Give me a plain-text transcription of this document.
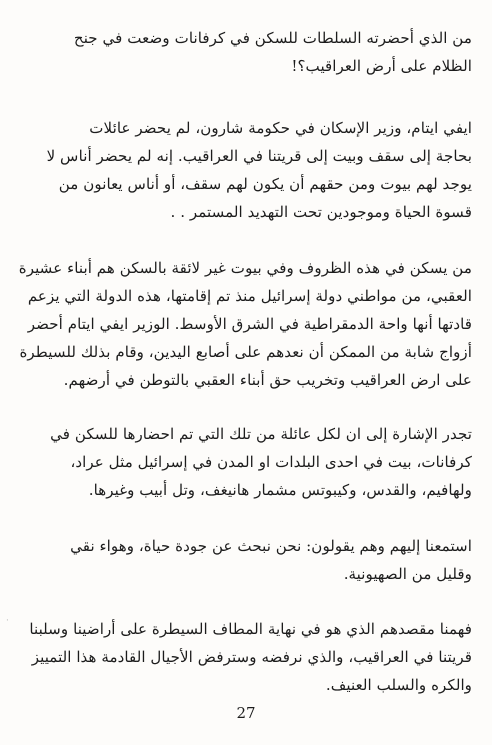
من الذي أحضرته السلطات للسكن في كرفانات وضعت في جنح
الظلام على أرض العراقيب؟!

ايفي ايتام، وزير الإسكان في حكومة شارون، لم يحضر عائلات
بحاجة إلى سقف وبيت إلى قريتنا في العراقيب. إنه لم يحضر أناس لا
يوجد لهم بيوت ومن حقهم أن يكون لهم سقف، أو أناس يعانون من
قسوة الحياة وموجودين تحت التهديد المستمر . .

من يسكن في هذه الظروف وفي بيوت غير لائقة بالسكن هم أبناء عشيرة
العقبي، من مواطني دولة إسرائيل منذ تم إقامتها، هذه الدولة التي يزعم
قادتها أنها واحة الدمقراطية في الشرق الأوسط. الوزير ايفي ايتام أحضر
أزواج شابة من الممكن أن نعدهم على أصابع اليدين، وقام بذلك للسيطرة
على ارض العراقيب وتخريب حق أبناء العقبي بالتوطن في أرضهم.

تجدر الإشارة إلى ان لكل عائلة من تلك التي تم احضارها للسكن في
كرفانات، بيت في احدى البلدات او المدن في إسرائيل مثل عراد،
ولهافيم، والقدس، وكيبوتس مشمار هانيغف، وتل أبيب وغيرها.

استمعنا إليهم وهم يقولون: نحن نبحث عن جودة حياة، وهواء نقي
وقليل من الصهيونية.

فهمنا مقصدهم الذي هو في نهاية المطاف السيطرة على أراضينا وسلبنا
قريتنا في العراقيب، والذي نرفضه وسترفض الأجيال القادمة هذا التمييز
والكره والسلب العنيف.

·
27
